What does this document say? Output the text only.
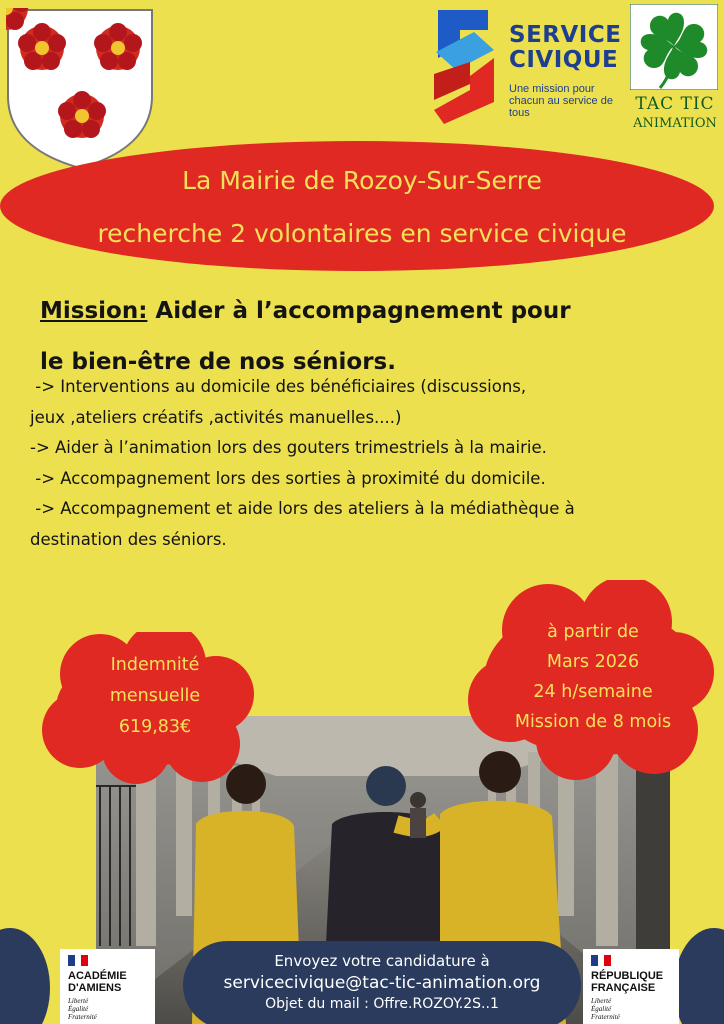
SERVICE
CIVIQUE
Une mission pour chacun au service de tous	TAC TIC
ANIMATION
La Mairie de Rozoy-Sur-Serre
recherche 2 volontaires en service civique
Mission: Aider à l’accompagnement pour
le bien-être de nos séniors.

-> Interventions au domicile des bénéficiaires (discussions,

jeux ,ateliers créatifs ,activités manuelles....)

-> Aider à l’animation lors des gouters trimestriels à la mairie.

-> Accompagnement lors des sorties à proximité du domicile.

-> Accompagnement et aide lors des ateliers à la médiathèque à

destination des séniors.

Indemnité
mensuelle
619,83€
à partir de
Mars 2026
24 h/semaine
Mission de 8 mois
Envoyez votre candidature à
servicecivique@tac-tic-animation.org
Objet du mail : Offre.ROZOY.2S..1
ACADÉMIE
D'AMIENS
Liberté
Égalité
Fraternité
RÉPUBLIQUE
FRANÇAISE
Liberté
Égalité
Fraternité
